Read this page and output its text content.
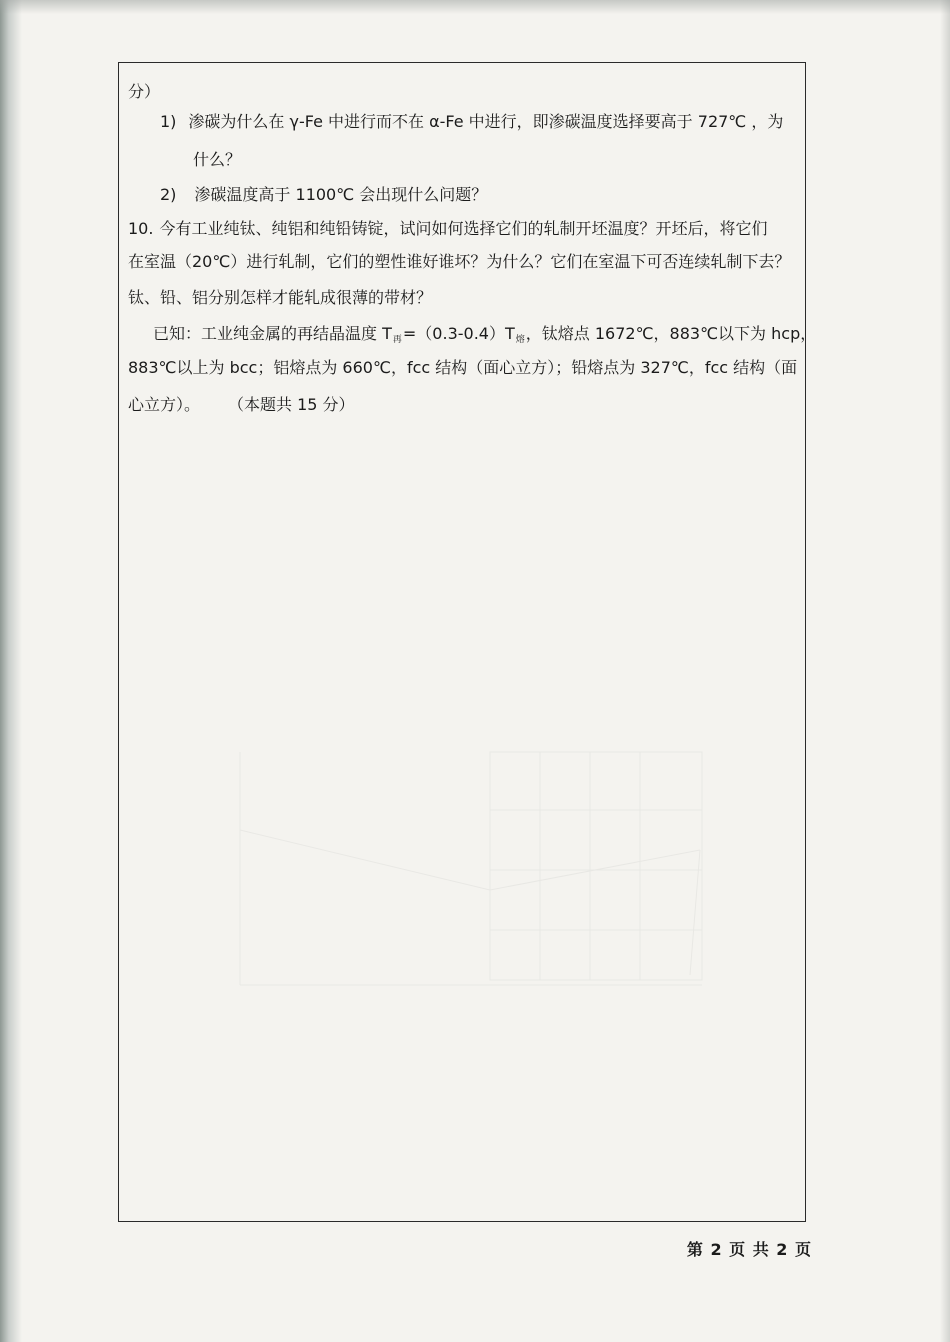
分）
1) 渗碳为什么在 γ-Fe 中进行而不在 α-Fe 中进行，即渗碳温度选择要高于 727℃ ，为
什么？
2) 渗碳温度高于 1100℃ 会出现什么问题？
10. 今有工业纯钛、纯铝和纯铅铸锭，试问如何选择它们的轧制开坯温度？开坯后，将它们
在室温（20℃）进行轧制，它们的塑性谁好谁坏？为什么？它们在室温下可否连续轧制下去？
钛、铅、铝分别怎样才能轧成很薄的带材？
已知：工业纯金属的再结晶温度 $T_再=(0.3-0.4)T_熔$，钛熔点 1672℃，883℃以下为 hcp，
883℃以上为 bcc；铝熔点为 660℃，fcc 结构（面心立方）；铅熔点为 327℃，fcc 结构（面
心立方）。 （本题共 15 分）
第 2 页 共 2 页
